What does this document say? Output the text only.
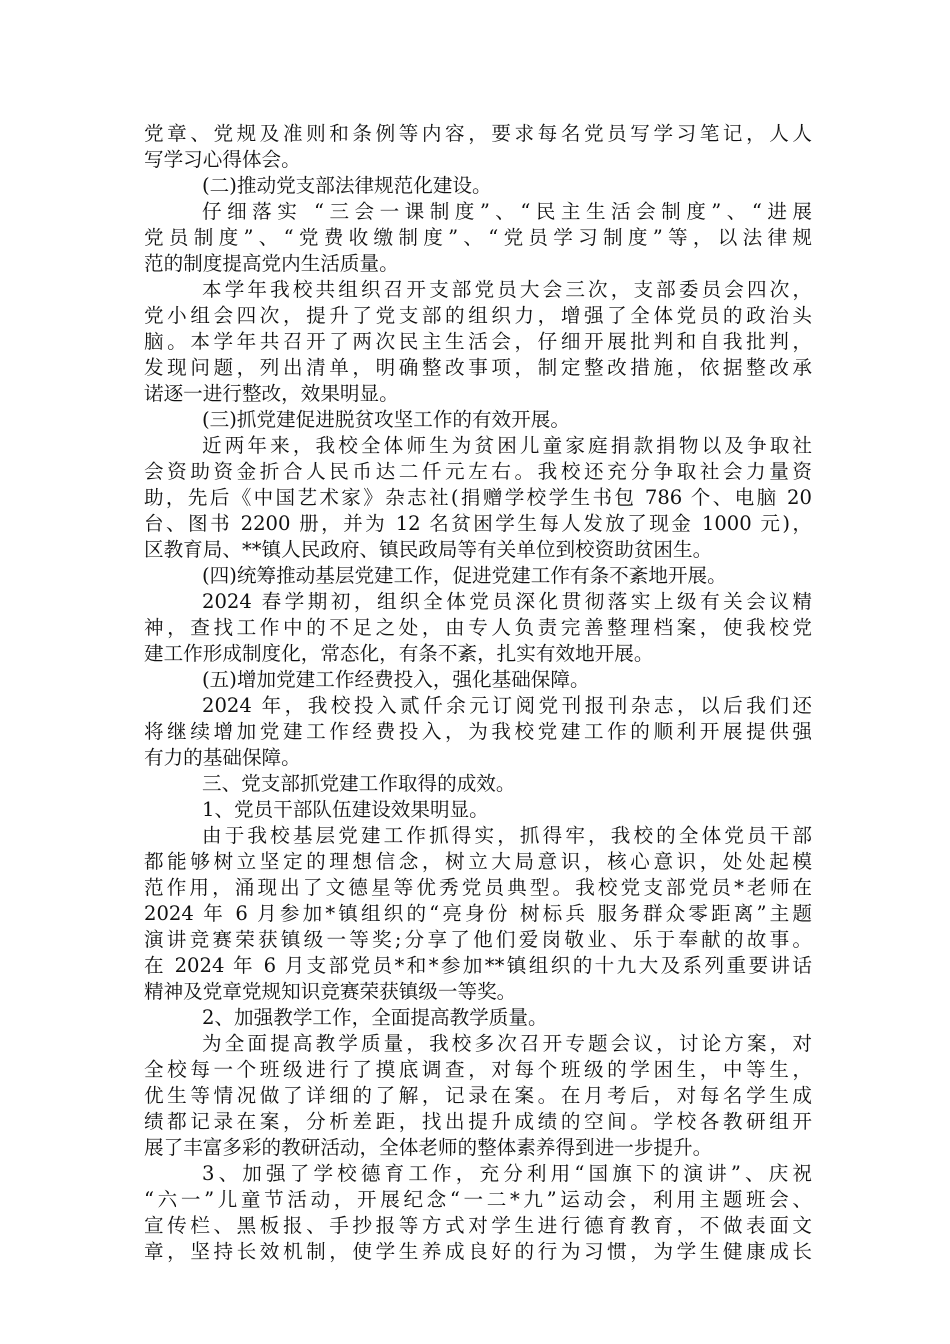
党章、党规及准则和条例等内容，要求每名党员写学习笔记，人人
写学习心得体会。
(二)推动党支部法律规范化建设。
仔细落实 “三会一课制度”、“民主生活会制度”、“进展
党员制度”、“党费收缴制度”、“党员学习制度”等，以法律规
范的制度提高党内生活质量。
本学年我校共组织召开支部党员大会三次，支部委员会四次，
党小组会四次，提升了党支部的组织力，增强了全体党员的政治头
脑。本学年共召开了两次民主生活会，仔细开展批判和自我批判，
发现问题，列出清单，明确整改事项，制定整改措施，依据整改承
诺逐一进行整改，效果明显。
(三)抓党建促进脱贫攻坚工作的有效开展。
近两年来，我校全体师生为贫困儿童家庭捐款捐物以及争取社
会资助资金折合人民币达二仟元左右。我校还充分争取社会力量资
助，先后《中国艺术家》杂志社(捐赠学校学生书包 786 个、电脑 20
台、图书 2200 册，并为 12 名贫困学生每人发放了现金 1000 元)，
区教育局、**镇人民政府、镇民政局等有关单位到校资助贫困生。
(四)统筹推动基层党建工作，促进党建工作有条不紊地开展。
2024 春学期初，组织全体党员深化贯彻落实上级有关会议精
神，查找工作中的不足之处，由专人负责完善整理档案，使我校党
建工作形成制度化，常态化，有条不紊，扎实有效地开展。
(五)增加党建工作经费投入，强化基础保障。
2024 年，我校投入贰仟余元订阅党刊报刊杂志，以后我们还
将继续增加党建工作经费投入，为我校党建工作的顺利开展提供强
有力的基础保障。
三、党支部抓党建工作取得的成效。
1、党员干部队伍建设效果明显。
由于我校基层党建工作抓得实，抓得牢，我校的全体党员干部
都能够树立坚定的理想信念，树立大局意识，核心意识，处处起模
范作用，涌现出了文德星等优秀党员典型。我校党支部党员*老师在
2024 年 6 月参加*镇组织的“亮身份 树标兵 服务群众零距离”主题
演讲竞赛荣获镇级一等奖;分享了他们爱岗敬业、乐于奉献的故事。
在 2024 年 6 月支部党员*和*参加**镇组织的十九大及系列重要讲话
精神及党章党规知识竞赛荣获镇级一等奖。
2、加强教学工作，全面提高教学质量。
为全面提高教学质量，我校多次召开专题会议，讨论方案，对
全校每一个班级进行了摸底调查，对每个班级的学困生，中等生，
优生等情况做了详细的了解，记录在案。在月考后，对每名学生成
绩都记录在案，分析差距，找出提升成绩的空间。学校各教研组开
展了丰富多彩的教研活动，全体老师的整体素养得到进一步提升。
3、加强了学校德育工作，充分利用“国旗下的演讲”、庆祝
“六一”儿童节活动，开展纪念“一二*九”运动会，利用主题班会、
宣传栏、黑板报、手抄报等方式对学生进行德育教育，不做表面文
章，坚持长效机制，使学生养成良好的行为习惯，为学生健康成长
